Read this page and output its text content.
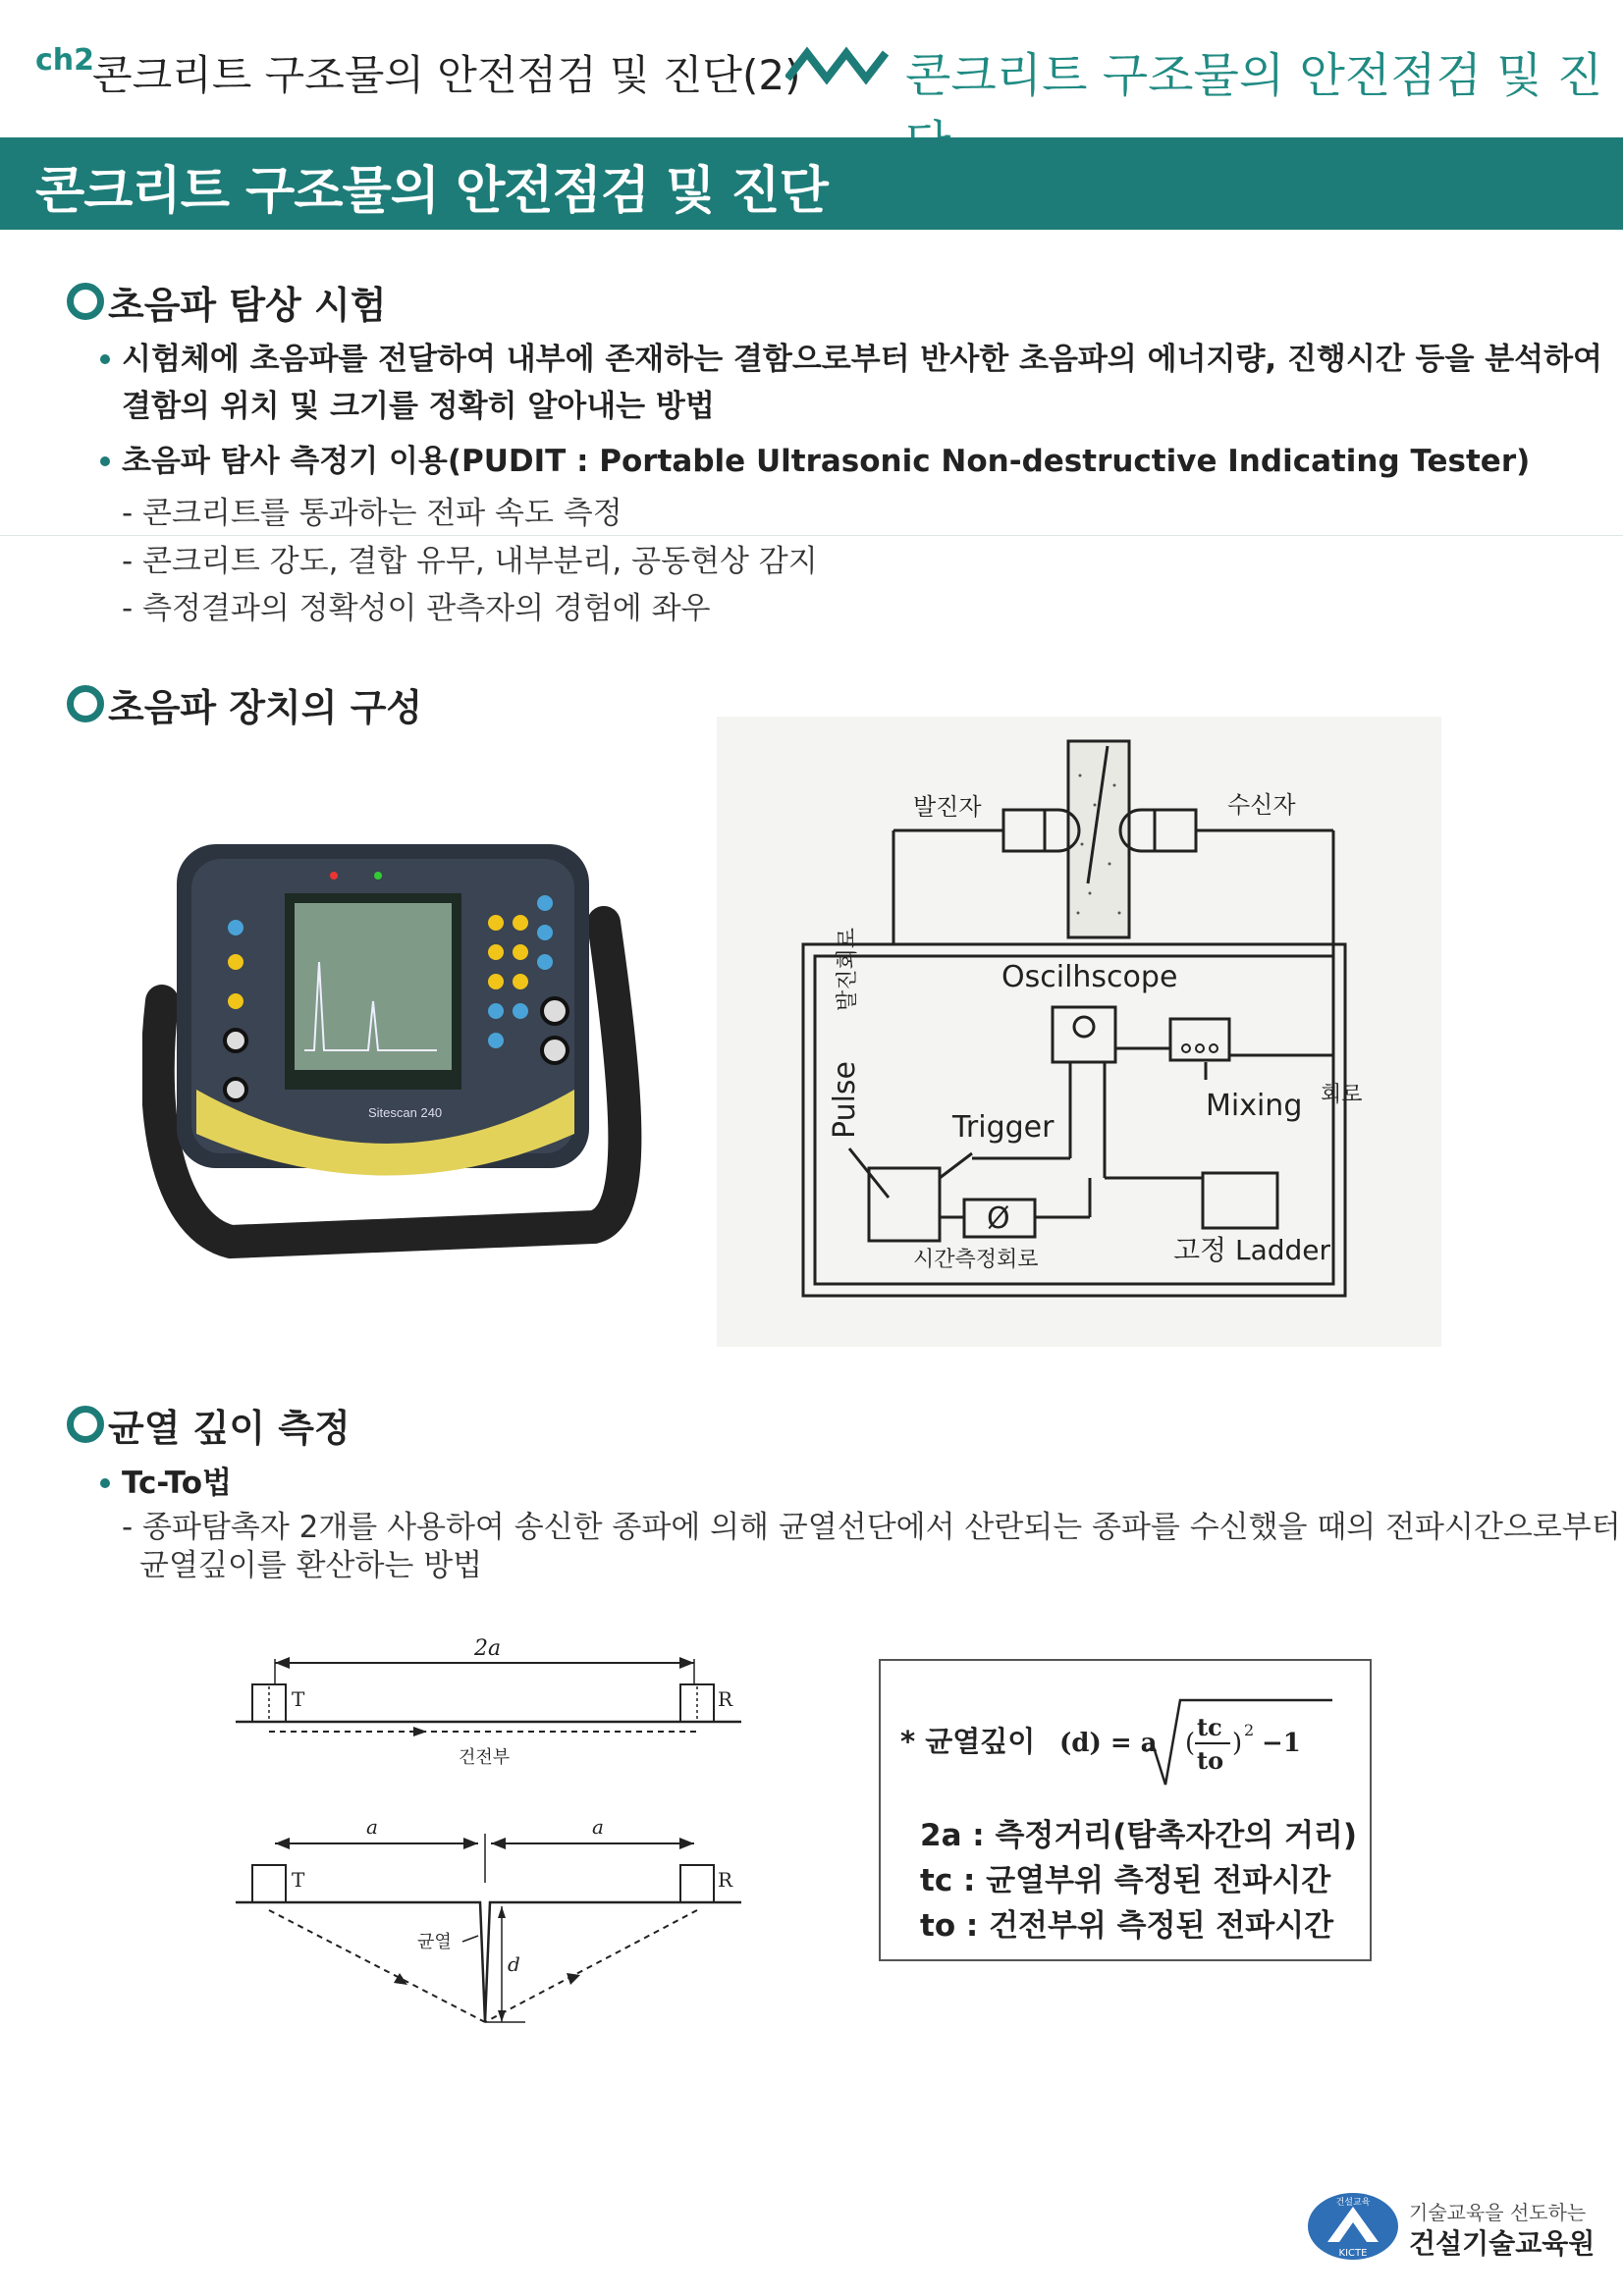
ch2
콘크리트 구조물의 안전점검 및 진단(2) 콘크리트 구조물의 안전점검 및 진
콘크리트 구조물의 안전점검 및 진단
초음파 탐상 시험
시험체에 초음파를 전달하여 내부에 존재하는 결함으로부터 반사한 초음파의 에너지량, 진행시간 등을 분석하여
결함의 위치 및 크기를 정확히 알아내는 방법
초음파 탐사 측정기 이용(PUDIT : Portable Ultrasonic Non-destructive Indicating Tester)
- 콘크리트를 통과하는 전파 속도 측정
- 콘크리트 강도, 결합 유무, 내부분리, 공동현상 감지
- 측정결과의 정확성이 관측자의 경험에 좌우
초음파 장치의 구성
Sitescan 240
발진자	수신자
Oscilhscope
Pulse
발진회로
Trigger
Mixing 회로
Ø
시간측정회로	고정 Ladder
균열 깊이 측정
Tc-To법
- 종파탐촉자 2개를 사용하여 송신한 종파에 의해 균열선단에서 산란되는 종파를 수신했을 때의 전파시간으로부터
균열깊이를 환산하는 방법
2a
T	R
건전부
a	a
T	R
균열
d
* 균열깊이 (d) = a (
tc
to
) 2 −1
2a : 측정거리(탐촉자간의 거리)
tc : 균열부위 측정된 전파시간
to : 건전부위 측정된 전파시간
건설교육
KICTE
기술교육을 선도하는
건설기술교육원
